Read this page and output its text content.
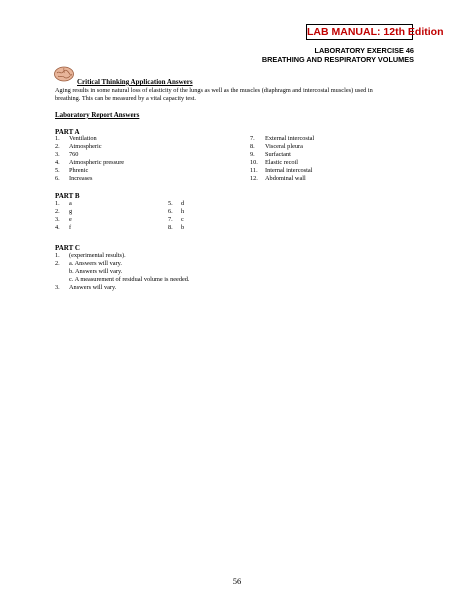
LAB MANUAL: 12th Edition
LABORATORY EXERCISE 46
BREATHING AND RESPIRATORY VOLUMES
Critical Thinking Application Answers
Aging results in some natural loss of elasticity of the lungs as well as the muscles (diaphragm and intercostal muscles) used in
breathing. This can be measured by a vital capacity test.
Laboratory Report Answers
PART A
1. Ventilation
2. Atmospheric
3. 760
4. Atmospheric pressure
5. Phrenic
6. Increases
7. External intercostal
8. Visceral pleura
9. Surfactant
10. Elastic recoil
11. Internal intercostal
12. Abdominal wall
PART B
1. a
2. g
3. e
4. f
5. d
6. h
7. c
8. b
PART C
1. (experimental results).
2. a. Answers will vary.
b. Answers will vary.
c. A measurement of residual volume is needed.
3. Answers will vary.
56
